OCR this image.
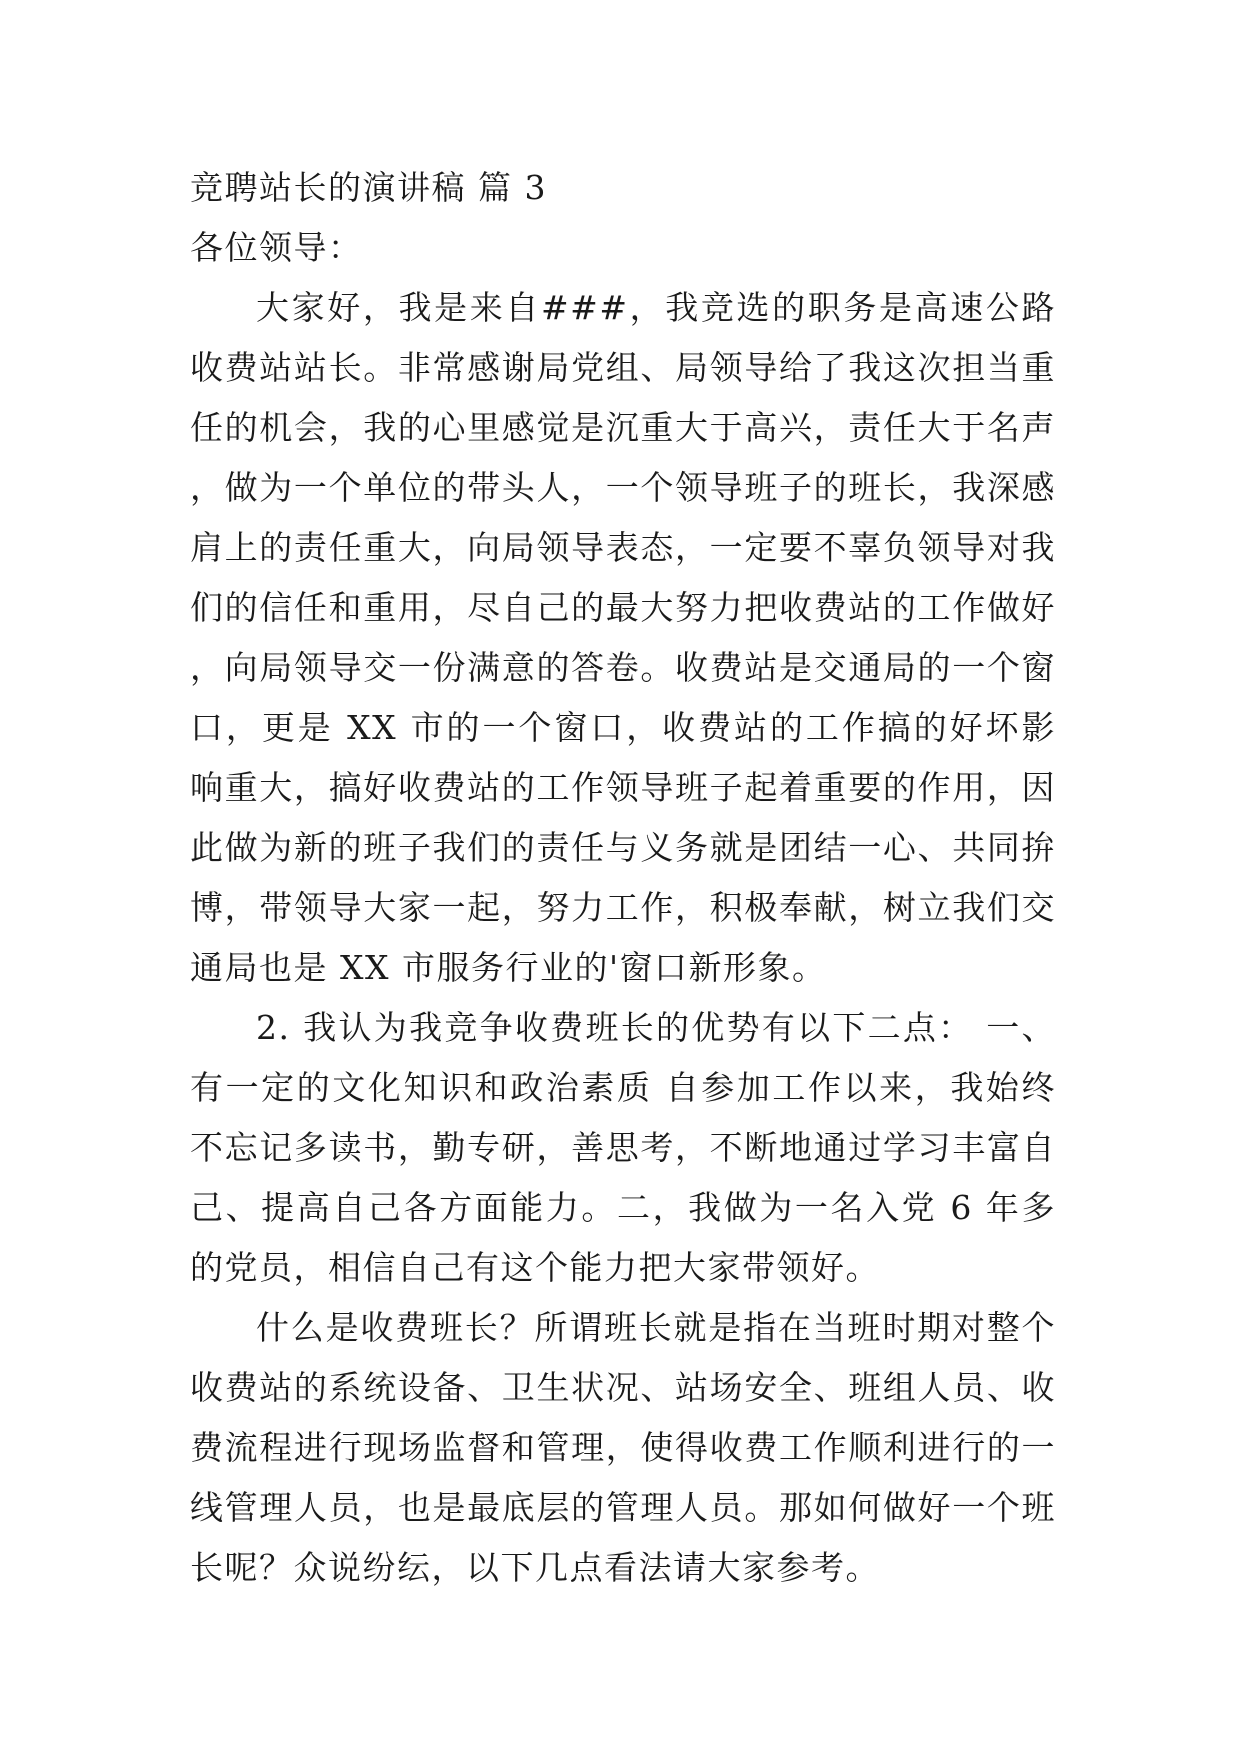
竞聘站长的演讲稿 篇 3

各位领导：

大家好，我是来自###，我竞选的职务是高速公路收费站站长。非常感谢局党组、局领导给了我这次担当重任的机会，我的心里感觉是沉重大于高兴，责任大于名声，做为一个单位的带头人，一个领导班子的班长，我深感肩上的责任重大，向局领导表态，一定要不辜负领导对我们的信任和重用，尽自己的最大努力把收费站的工作做好，向局领导交一份满意的答卷。收费站是交通局的一个窗口，更是 XX 市的一个窗口，收费站的工作搞的好坏影响重大，搞好收费站的工作领导班子起着重要的作用，因此做为新的班子我们的责任与义务就是团结一心、共同拚博，带领导大家一起，努力工作，积极奉献，树立我们交通局也是 XX 市服务行业的'窗口新形象。

2. 我认为我竞争收费班长的优势有以下二点： 一、有一定的文化知识和政治素质 自参加工作以来，我始终不忘记多读书，勤专研，善思考，不断地通过学习丰富自己、提高自己各方面能力。二，我做为一名入党 6 年多的党员，相信自己有这个能力把大家带领好。

什么是收费班长？所谓班长就是指在当班时期对整个收费站的系统设备、卫生状况、站场安全、班组人员、收费流程进行现场监督和管理，使得收费工作顺利进行的一线管理人员，也是最底层的管理人员。那如何做好一个班长呢？众说纷纭，以下几点看法请大家参考。
